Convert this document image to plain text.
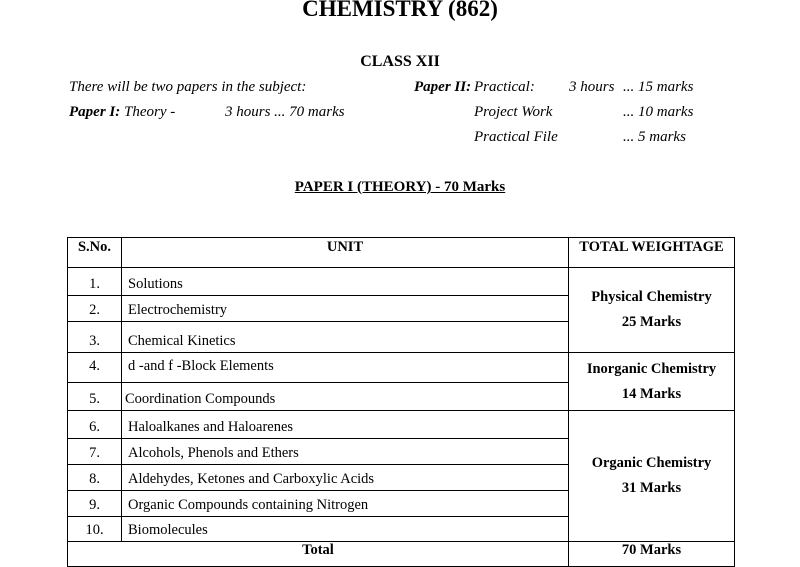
CHEMISTRY (862)
CLASS XII
There will be two papers in the subject:
Paper I: Theory -	3 hours ... 70 marks
Paper II: Practical: 3 hours ... 15 marks
Project Work	... 10 marks
Practical File	... 5 marks
PAPER I (THEORY) - 70 Marks
S.No.	UNIT	TOTAL WEIGHTAGE
1.	Solutions	Physical Chemistry
25 Marks

2.	Electrochemistry	
3.	Chemical Kinetics	
4.	d -and f -Block Elements	Inorganic Chemistry
14 Marks

5.	Coordination Compounds	
6.	Haloalkanes and Haloarenes	Organic Chemistry
31 Marks

7.	Alcohols, Phenols and Ethers	
8.	Aldehydes, Ketones and Carboxylic Acids	
9.	Organic Compounds containing Nitrogen	
10.	Biomolecules	
Total		70 Marks
